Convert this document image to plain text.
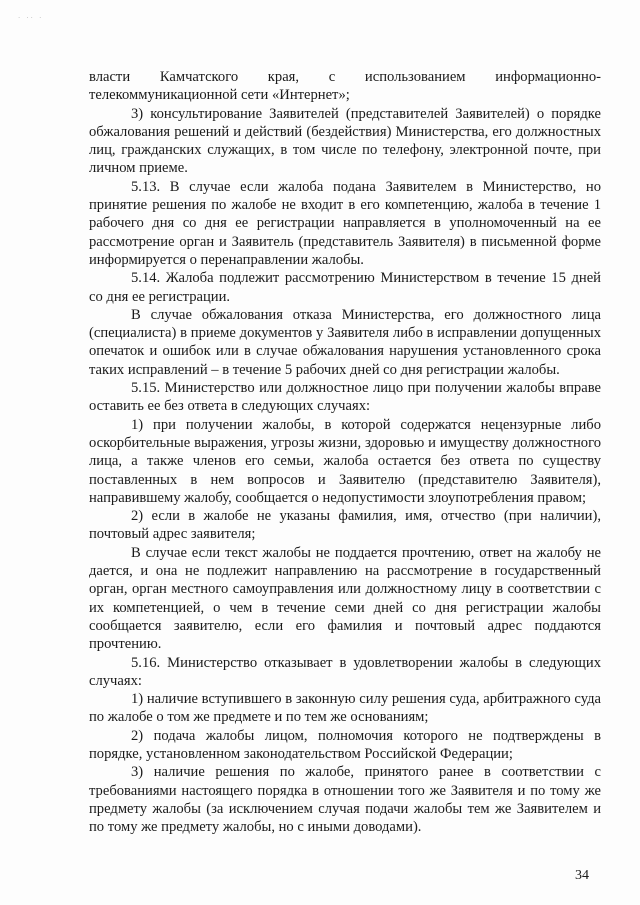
· ·· ·

власти Камчатского края, с использованием информационно-телекоммуникационной сети «Интернет»;

3) консультирование Заявителей (представителей Заявителей) о порядке обжалования решений и действий (бездействия) Министерства, его должностных лиц, гражданских служащих, в том числе по телефону, электронной почте, при личном приеме.

5.13. В случае если жалоба подана Заявителем в Министерство, но принятие решения по жалобе не входит в его компетенцию, жалоба в течение 1 рабочего дня со дня ее регистрации направляется в уполномоченный на ее рассмотрение орган и Заявитель (представитель Заявителя) в письменной форме информируется о перенаправлении жалобы.

5.14. Жалоба подлежит рассмотрению Министерством в течение 15 дней со дня ее регистрации.

В случае обжалования отказа Министерства, его должностного лица (специалиста) в приеме документов у Заявителя либо в исправлении допущенных опечаток и ошибок или в случае обжалования нарушения установленного срока таких исправлений – в течение 5 рабочих дней со дня регистрации жалобы.

5.15. Министерство или должностное лицо при получении жалобы вправе оставить ее без ответа в следующих случаях:

1) при получении жалобы, в которой содержатся нецензурные либо оскорбительные выражения, угрозы жизни, здоровью и имуществу должностного лица, а также членов его семьи, жалоба остается без ответа по существу поставленных в нем вопросов и Заявителю (представителю Заявителя), направившему жалобу, сообщается о недопустимости злоупотребления правом;

2) если в жалобе не указаны фамилия, имя, отчество (при наличии), почтовый адрес заявителя;

В случае если текст жалобы не поддается прочтению, ответ на жалобу не дается, и она не подлежит направлению на рассмотрение в государственный орган, орган местного самоуправления или должностному лицу в соответствии с их компетенцией, о чем в течение семи дней со дня регистрации жалобы сообщается заявителю, если его фамилия и почтовый адрес поддаются прочтению.

5.16. Министерство отказывает в удовлетворении жалобы в следующих случаях:

1) наличие вступившего в законную силу решения суда, арбитражного суда по жалобе о том же предмете и по тем же основаниям;

2) подача жалобы лицом, полномочия которого не подтверждены в порядке, установленном законодательством Российской Федерации;

3) наличие решения по жалобе, принятого ранее в соответствии с требованиями настоящего порядка в отношении того же Заявителя и по тому же предмету жалобы (за исключением случая подачи жалобы тем же Заявителем и по тому же предмету жалобы, но с иными доводами).

34
